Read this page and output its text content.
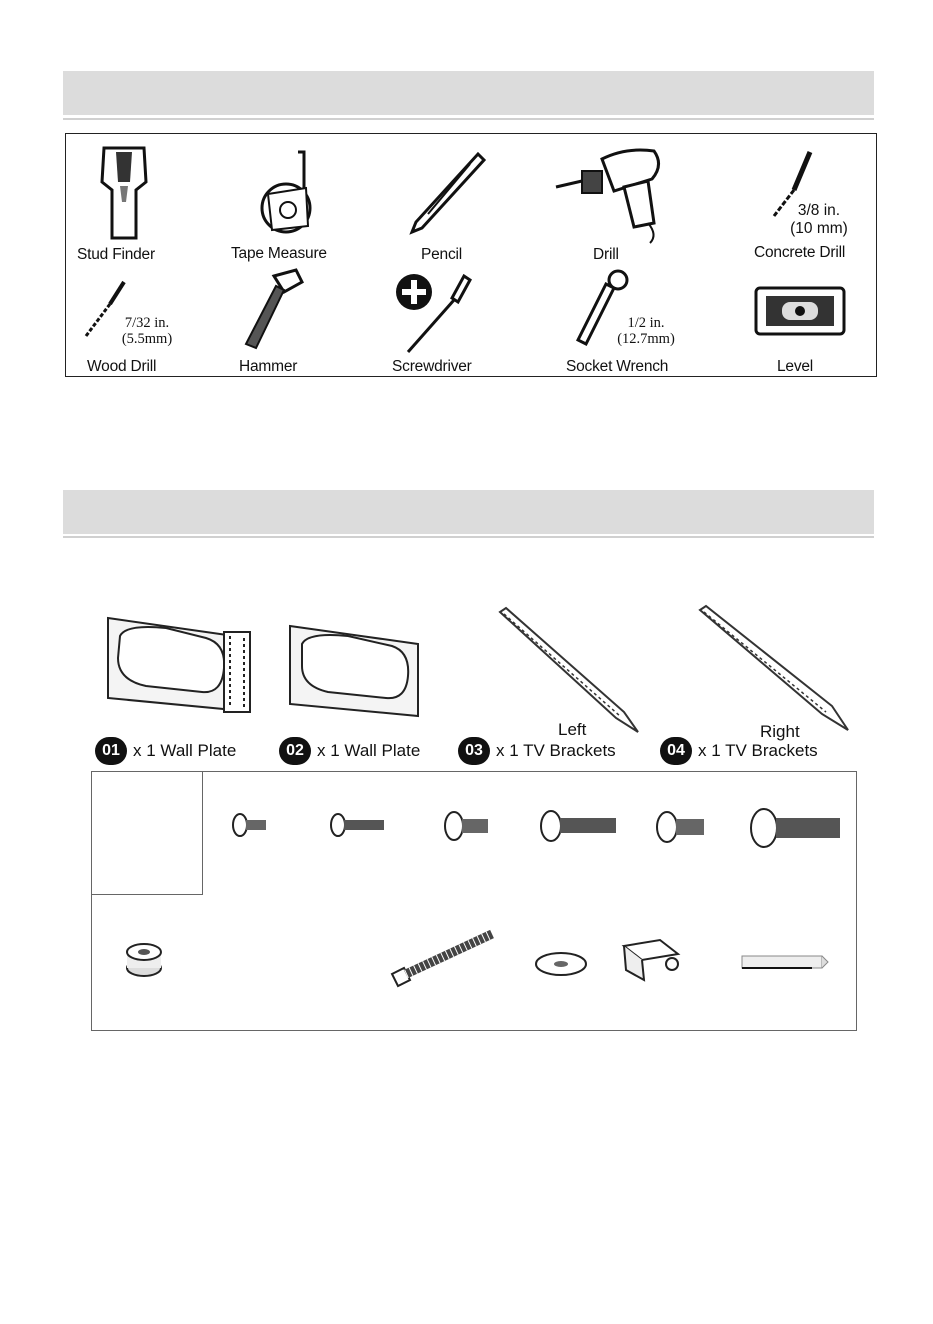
Stud Finder	Tape Measure	Pencil	Drill
3/8 in.
(10 mm)
Concrete Drill
7/32 in.
(5.5mm)
Wood Drill	Hammer	Screwdriver
1/2 in.
(12.7mm)
Socket Wrench	Level
01 x 1 Wall Plate	02 x 1 Wall Plate
Left
03 x 1 TV Brackets
Right
04 x 1 TV Brackets
